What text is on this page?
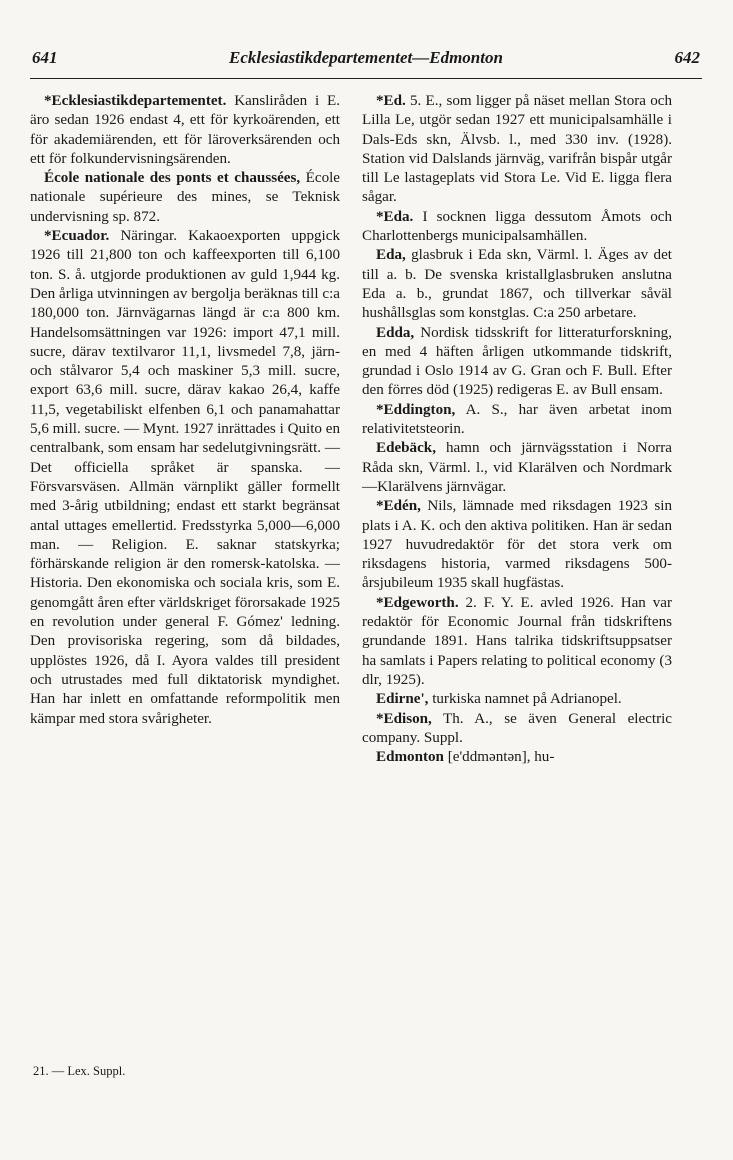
641	Ecklesiastikdepartementet—Edmonton	642

*Ecklesiastikdepartementet. Kansliråden i E. äro sedan 1926 endast 4, ett för kyrkoärenden, ett för akademiärenden, ett för läroverksärenden och ett för folkundervisningsärenden.

École nationale des ponts et chaussées, École nationale supérieure des mines, se Teknisk undervisning sp. 872.

*Ecuador. Näringar. Kakaoexporten uppgick 1926 till 21,800 ton och kaffeexporten till 6,100 ton. S. å. utgjorde produktionen av guld 1,944 kg. Den årliga utvinningen av bergolja beräknas till c:a 180,000 ton. Järnvägarnas längd är c:a 800 km. Handelsomsättningen var 1926: import 47,1 mill. sucre, därav textilvaror 11,1, livsmedel 7,8, järn- och stålvaror 5,4 och maskiner 5,3 mill. sucre, export 63,6 mill. sucre, därav kakao 26,4, kaffe 11,5, vegetabiliskt elfenben 6,1 och panamahattar 5,6 mill. sucre. — Mynt. 1927 inrättades i Quito en centralbank, som ensam har sedelutgivningsrätt. — Det officiella språket är spanska. — Försvarsväsen. Allmän värnplikt gäller formellt med 3-årig utbildning; endast ett starkt begränsat antal uttages emellertid. Fredsstyrka 5,000—6,000 man. — Religion. E. saknar statskyrka; förhärskande religion är den romersk-katolska. — Historia. Den ekonomiska och sociala kris, som E. genomgått åren efter världskriget förorsakade 1925 en revolution under general F. Gómez' ledning. Den provisoriska regering, som då bildades, upplöstes 1926, då I. Ayora valdes till president och utrustades med full diktatorisk myndighet. Han har inlett en omfattande reformpolitik men kämpar med stora svårigheter.

*Ed. 5. E., som ligger på näset mellan Stora och Lilla Le, utgör sedan 1927 ett municipalsamhälle i Dals-Eds skn, Älvsb. l., med 330 inv. (1928). Station vid Dalslands järnväg, varifrån bispår utgår till Le lastageplats vid Stora Le. Vid E. ligga flera sågar.

*Eda. I socknen ligga dessutom Åmots och Charlottenbergs municipalsamhällen.

Eda, glasbruk i Eda skn, Värml. l. Äges av det till a. b. De svenska kristallglasbruken anslutna Eda a. b., grundat 1867, och tillverkar såväl hushållsglas som konstglas. C:a 250 arbetare.

Edda, Nordisk tidsskrift for litteraturforskning, en med 4 häften årligen utkommande tidskrift, grundad i Oslo 1914 av G. Gran och F. Bull. Efter den förres död (1925) redigeras E. av Bull ensam.

*Eddington, A. S., har även arbetat inom relativitetsteorin.

Edebäck, hamn och järnvägsstation i Norra Råda skn, Värml. l., vid Klarälven och Nordmark —Klarälvens järnvägar.

*Edén, Nils, lämnade med riksdagen 1923 sin plats i A. K. och den aktiva politiken. Han är sedan 1927 huvudredaktör för det stora verk om riksdagens historia, varmed riksdagens 500-årsjubileum 1935 skall hugfästas.

*Edgeworth. 2. F. Y. E. avled 1926. Han var redaktör för Economic Journal från tidskriftens grundande 1891. Hans talrika tidskriftsuppsatser ha samlats i Papers relating to political economy (3 dlr, 1925).

Edirne', turkiska namnet på Adrianopel.

*Edison, Th. A., se även General electric company. Suppl.

Edmonton [e'ddməntən], hu-

21. — Lex. Suppl.
